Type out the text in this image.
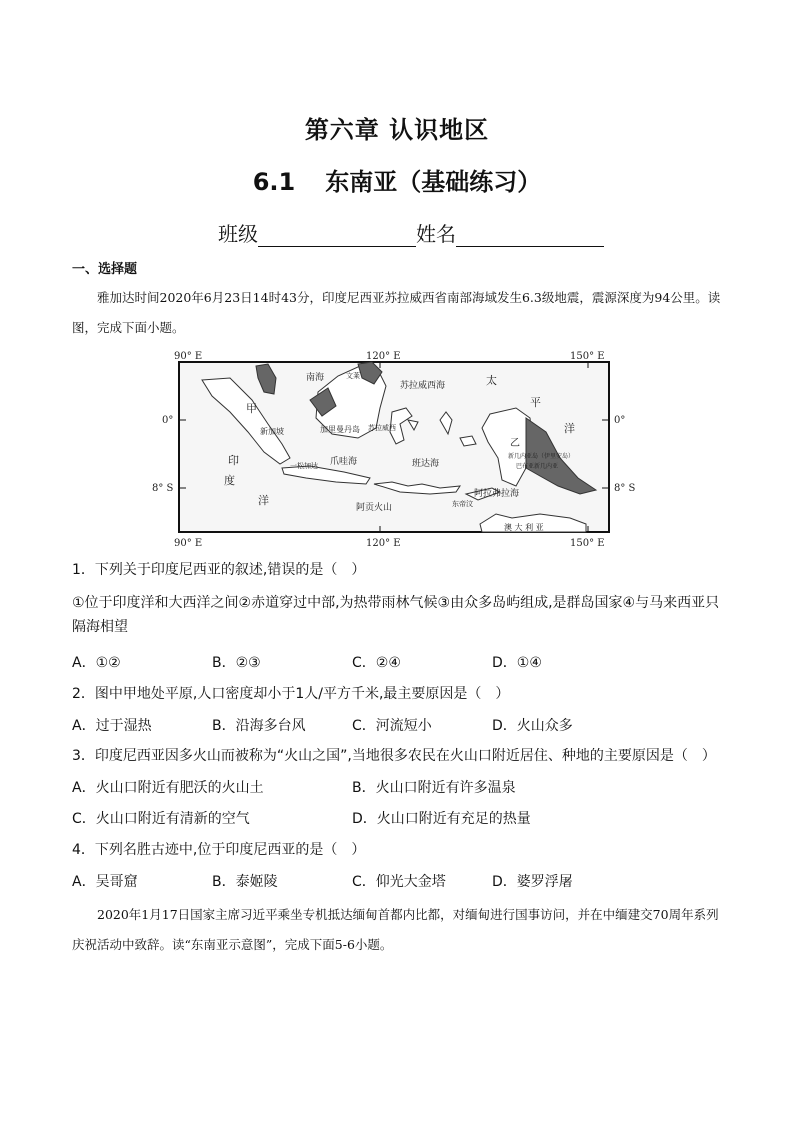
第六章 认识地区
6.1 东南亚（基础练习）
班级	姓名
一、选择题
雅加达时间2020年6月23日14时43分，印度尼西亚苏拉威西省南部海域发生6.3级地震，震源深度为94公里。读图，完成下面小题。
90° E	120° E	150° E
90° E	120° E	150° E
0°	0°
8° S	8° S
南海	文莱
苏拉威西海	太
平
洋
甲
新加坡	加里曼丹岛 苏拉威西
印
度
洋
乙
新几内亚岛（伊里安岛）
巴布亚新几内亚
一松加达 爪哇海	班达海
阿拉弗拉海
东帝汶
阿贡火山
澳 大 利 亚
1．下列关于印度尼西亚的叙述,错误的是（　）
①位于印度洋和大西洋之间②赤道穿过中部,为热带雨林气候③由众多岛屿组成,是群岛国家④与马来西亚只隔海相望
A．①②	B．②③	C．②④	D．①④
2．图中甲地处平原,人口密度却小于1人/平方千米,最主要原因是（　）
A．过于湿热	B．沿海多台风	C．河流短小	D．火山众多
3．印度尼西亚因多火山而被称为“火山之国”,当地很多农民在火山口附近居住、种地的主要原因是（　）
A．火山口附近有肥沃的火山土	B．火山口附近有许多温泉
C．火山口附近有清新的空气	D．火山口附近有充足的热量
4．下列名胜古迹中,位于印度尼西亚的是（　）
A．吴哥窟	B．泰姬陵	C．仰光大金塔	D．婆罗浮屠
2020年1月17日国家主席习近平乘坐专机抵达缅甸首都内比都，对缅甸进行国事访问，并在中缅建交70周年系列庆祝活动中致辞。读“东南亚示意图”，完成下面5-6小题。
